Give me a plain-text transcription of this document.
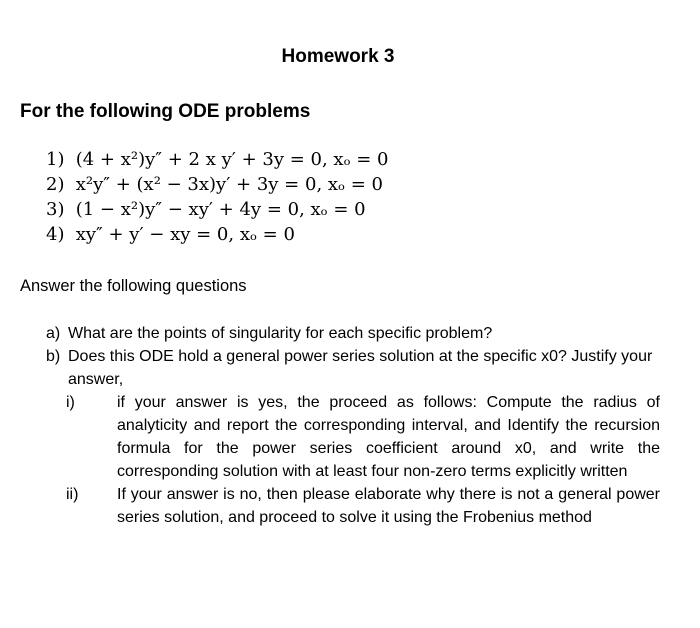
Homework 3
For the following ODE problems
1) (4 + x²)y″ + 2 x y′ + 3y = 0, xₒ = 0
2) x²y″ + (x² − 3x)y′ + 3y = 0, xₒ = 0
3) (1 − x²)y″ − xy′ + 4y = 0, xₒ = 0
4) xy″ + y′ − xy = 0, xₒ = 0
Answer the following questions
a) What are the points of singularity for each specific problem?
b) Does this ODE hold a general power series solution at the specific x0? Justify your answer,
i)	if your answer is yes, the proceed as follows: Compute the radius of analyticity and report the corresponding interval, and Identify the recursion formula for the power series coefficient around x0, and write the corresponding solution with at least four non-zero terms explicitly written
ii) If your answer is no, then please elaborate why there is not a general power series solution, and proceed to solve it using the Frobenius method
